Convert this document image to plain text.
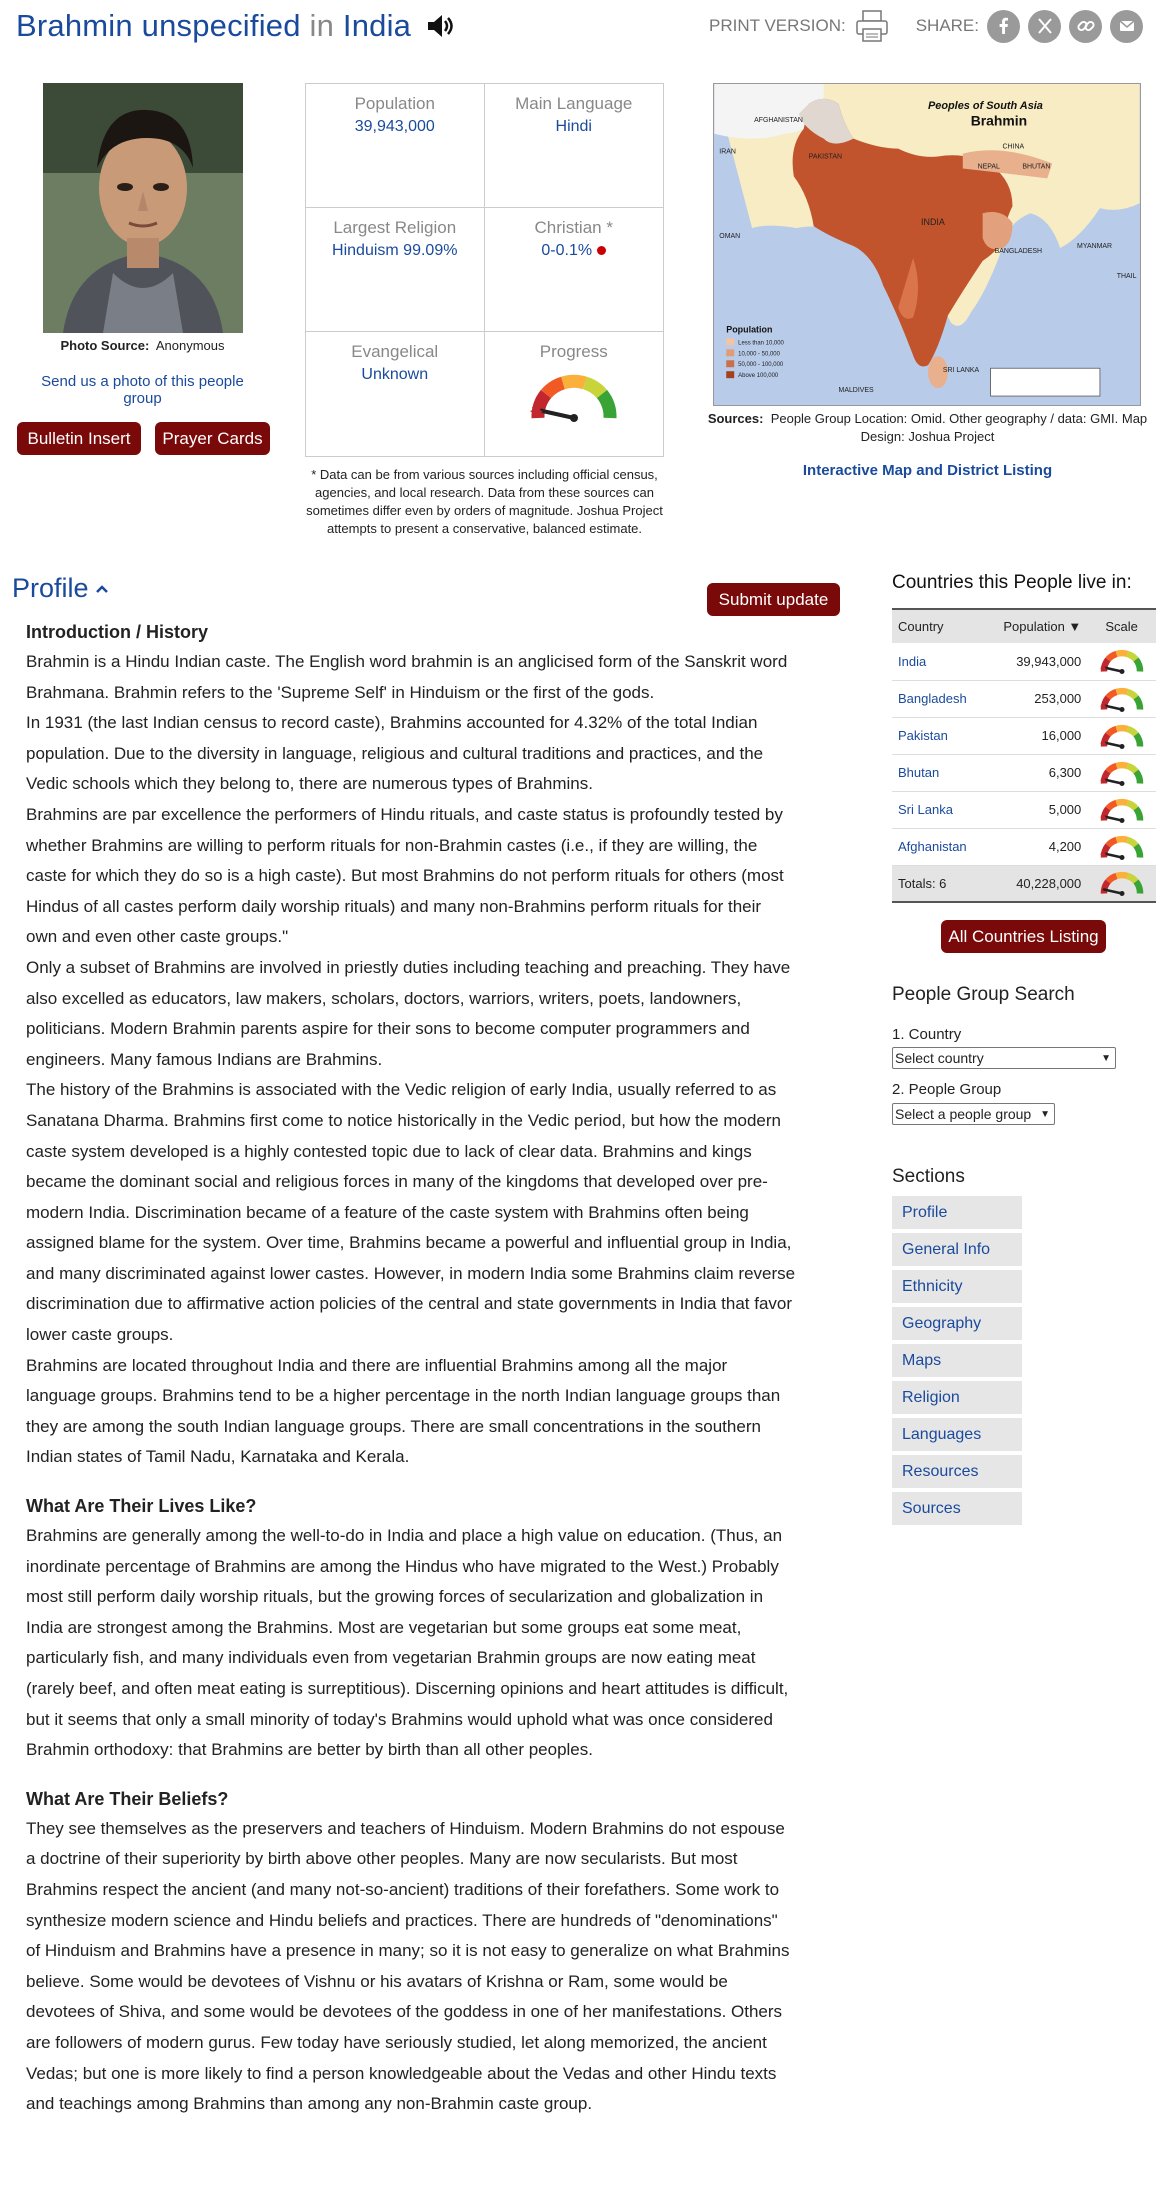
Brahmin unspecified in India	PRINT VERSION:	SHARE:
Photo Source: Anonymous
Send us a photo of this people group
Bulletin Insert	Prayer Cards
Population
39,943,000
Main Language
Hindi
Largest Religion
Hinduism 99.09%
Christian *
0-0.1%
Evangelical
Unknown
Progress
* Data can be from various sources including official census, agencies, and local research. Data from these sources can sometimes differ even by orders of magnitude. Joshua Project attempts to present a conservative, balanced estimate.
Peoples of South Asia
Brahmin
AFGHANISTAN
CHINA
PAKISTAN
NEPAL	BHUTAN
INDIA
BANGLADESH
MYANMAR
SRI LANKA
MALDIVES
IRAN
OMAN
THAIL
Population
Less than 10,000
10,000 - 50,000
50,000 - 100,000
Above 100,000
Sources: People Group Location: Omid. Other geography / data: GMI. Map Design: Joshua Project
Interactive Map and District Listing
Profile	Submit update
Introduction / History

Brahmin is a Hindu Indian caste. The English word brahmin is an anglicised form of the Sanskrit word Brahmana. Brahmin refers to the 'Supreme Self' in Hinduism or the first of the gods.

In 1931 (the last Indian census to record caste), Brahmins accounted for 4.32% of the total Indian population. Due to the diversity in language, religious and cultural traditions and practices, and the Vedic schools which they belong to, there are numerous types of Brahmins.

Brahmins are par excellence the performers of Hindu rituals, and caste status is profoundly tested by whether Brahmins are willing to perform rituals for non-Brahmin castes (i.e., if they are willing, the caste for which they do so is a high caste). But most Brahmins do not perform rituals for others (most Hindus of all castes perform daily worship rituals) and many non-Brahmins perform rituals for their own and even other caste groups."

Only a subset of Brahmins are involved in priestly duties including teaching and preaching. They have also excelled as educators, law makers, scholars, doctors, warriors, writers, poets, landowners, politicians. Modern Brahmin parents aspire for their sons to become computer programmers and engineers. Many famous Indians are Brahmins.

The history of the Brahmins is associated with the Vedic religion of early India, usually referred to as Sanatana Dharma. Brahmins first come to notice historically in the Vedic period, but how the modern caste system developed is a highly contested topic due to lack of clear data. Brahmins and kings became the dominant social and religious forces in many of the kingdoms that developed over pre-modern India. Discrimination became of a feature of the caste system with Brahmins often being assigned blame for the system. Over time, Brahmins became a powerful and influential group in India, and many discriminated against lower castes. However, in modern India some Brahmins claim reverse discrimination due to affirmative action policies of the central and state governments in India that favor lower caste groups.

Brahmins are located throughout India and there are influential Brahmins among all the major language groups. Brahmins tend to be a higher percentage in the north Indian language groups than they are among the south Indian language groups. There are small concentrations in the southern Indian states of Tamil Nadu, Karnataka and Kerala.

What Are Their Lives Like?

Brahmins are generally among the well-to-do in India and place a high value on education. (Thus, an inordinate percentage of Brahmins are among the Hindus who have migrated to the West.) Probably most still perform daily worship rituals, but the growing forces of secularization and globalization in India are strongest among the Brahmins. Most are vegetarian but some groups eat some meat, particularly fish, and many individuals even from vegetarian Brahmin groups are now eating meat (rarely beef, and often meat eating is surreptitious). Discerning opinions and heart attitudes is difficult, but it seems that only a small minority of today's Brahmins would uphold what was once considered Brahmin orthodoxy: that Brahmins are better by birth than all other peoples.

What Are Their Beliefs?

They see themselves as the preservers and teachers of Hinduism. Modern Brahmins do not espouse a doctrine of their superiority by birth above other peoples. Many are now secularists. But most Brahmins respect the ancient (and many not-so-ancient) traditions of their forefathers. Some work to synthesize modern science and Hindu beliefs and practices. There are hundreds of "denominations" of Hinduism and Brahmins have a presence in many; so it is not easy to generalize on what Brahmins believe. Some would be devotees of Vishnu or his avatars of Krishna or Ram, some would be devotees of Shiva, and some would be devotees of the goddess in one of her manifestations. Others are followers of modern gurus. Few today have seriously studied, let along memorized, the ancient Vedas; but one is more likely to find a person knowledgeable about the Vedas and other Hindu texts and teachings among Brahmins than among any non-Brahmin caste group.

Countries this People live in:
Country	Population ▼	Scale
India	39,943,000	

Bangladesh	253,000	

Pakistan	16,000	

Bhutan	6,300	

Sri Lanka	5,000	

Afghanistan	4,200	

Totals: 6	40,228,000	
All Countries Listing
People Group Search
1. Country
Select country	▼
2. People Group
Select a people group ▼
Sections
Profile
General Info
Ethnicity
Geography
Maps
Religion
Languages
Resources
Sources
